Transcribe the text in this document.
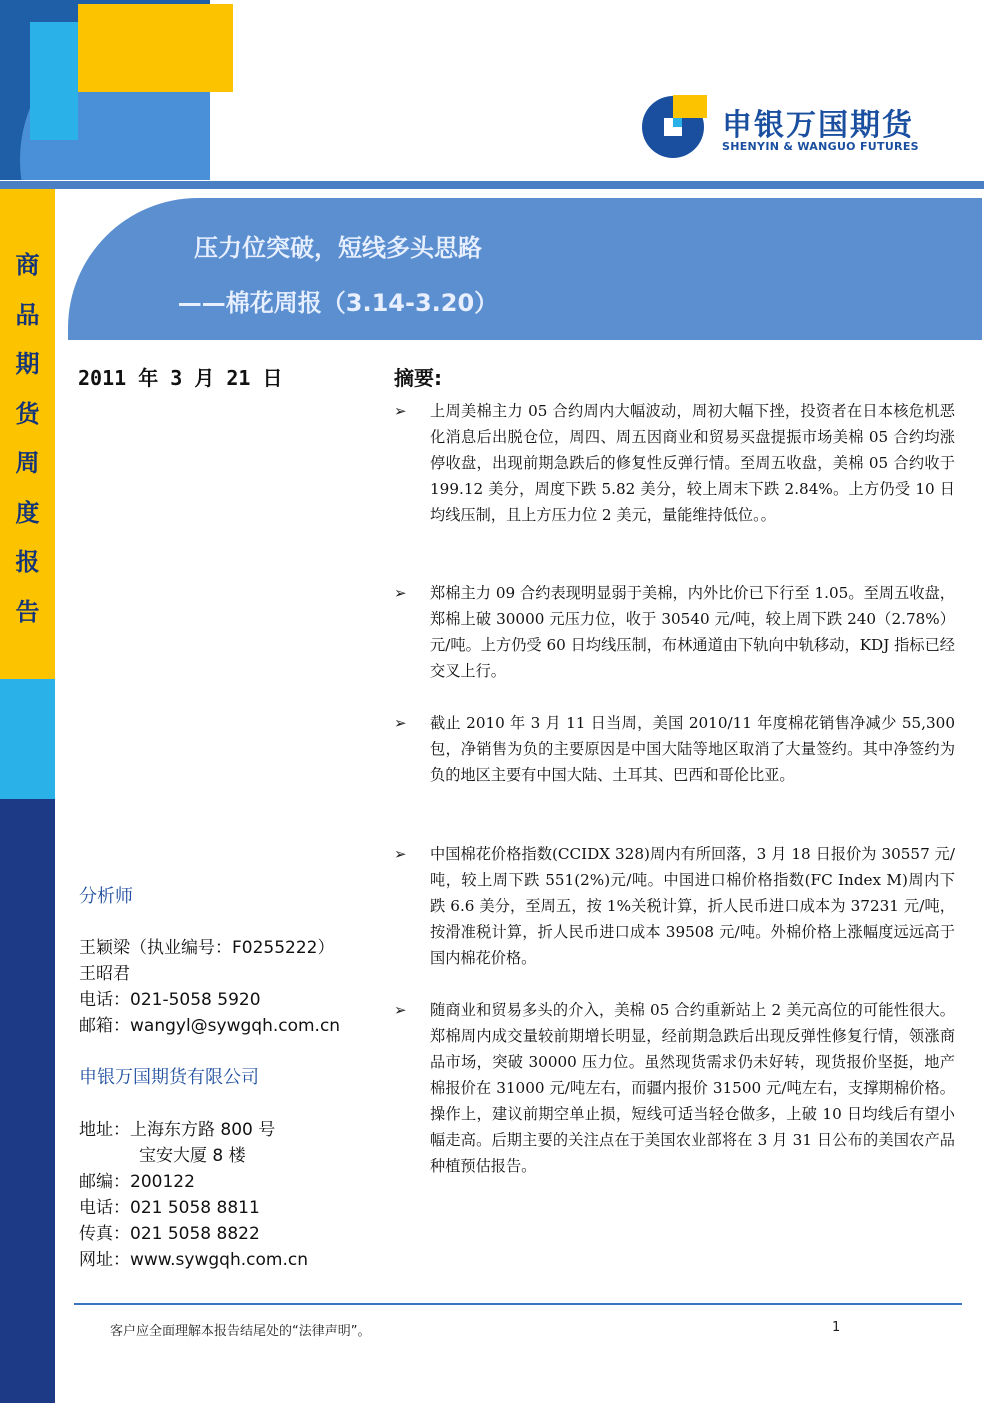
申银万国期货
SHENYIN & WANGUO FUTURES
商
品
期
货
周
度
报
告
压力位突破，短线多头思路
——棉花周报（3.14-3.20）
2011 年 3 月 21 日
分析师
王颖梁（执业编号：F0255222）
王昭君
电话：021-5058 5920
邮箱：wangyl@sywgqh.com.cn
申银万国期货有限公司
地址：上海东方路 800 号
宝安大厦 8 楼
邮编：200122
电话：021 5058 8811
传真：021 5058 8822
网址：www.sywgqh.com.cn
摘要:
➢ 上周美棉主力 05 合约周内大幅波动，周初大幅下挫，投资者在日本核危机恶化消息后出脱仓位，周四、周五因商业和贸易买盘提振市场美棉 05 合约均涨停收盘，出现前期急跌后的修复性反弹行情。至周五收盘，美棉 05 合约收于 199.12 美分，周度下跌 5.82 美分，较上周末下跌 2.84%。上方仍受 10 日均线压制，且上方压力位 2 美元，量能维持低位。。
➢ 郑棉主力 09 合约表现明显弱于美棉，内外比价已下行至 1.05。至周五收盘，郑棉上破 30000 元压力位，收于 30540 元/吨，较上周下跌 240（2.78%）元/吨。上方仍受 60 日均线压制，布林通道由下轨向中轨移动，KDJ 指标已经交叉上行。
➢ 截止 2010 年 3 月 11 日当周，美国 2010/11 年度棉花销售净减少 55,300 包，净销售为负的主要原因是中国大陆等地区取消了大量签约。其中净签约为负的地区主要有中国大陆、土耳其、巴西和哥伦比亚。
➢ 中国棉花价格指数(CCIDX 328)周内有所回落，3 月 18 日报价为 30557 元/吨，较上周下跌 551(2%)元/吨。中国进口棉价格指数(FC Index M)周内下跌 6.6 美分，至周五，按 1%关税计算，折人民币进口成本为 37231 元/吨，按滑准税计算，折人民币进口成本 39508 元/吨。外棉价格上涨幅度远远高于国内棉花价格。
➢ 随商业和贸易多头的介入，美棉 05 合约重新站上 2 美元高位的可能性很大。郑棉周内成交量较前期增长明显，经前期急跌后出现反弹性修复行情，领涨商品市场，突破 30000 压力位。虽然现货需求仍未好转，现货报价坚挺，地产棉报价在 31000 元/吨左右，而疆内报价 31500 元/吨左右，支撑期棉价格。操作上，建议前期空单止损，短线可适当轻仓做多，上破 10 日均线后有望小幅走高。后期主要的关注点在于美国农业部将在 3 月 31 日公布的美国农产品种植预估报告。
客户应全面理解本报告结尾处的“法律声明”。	1
